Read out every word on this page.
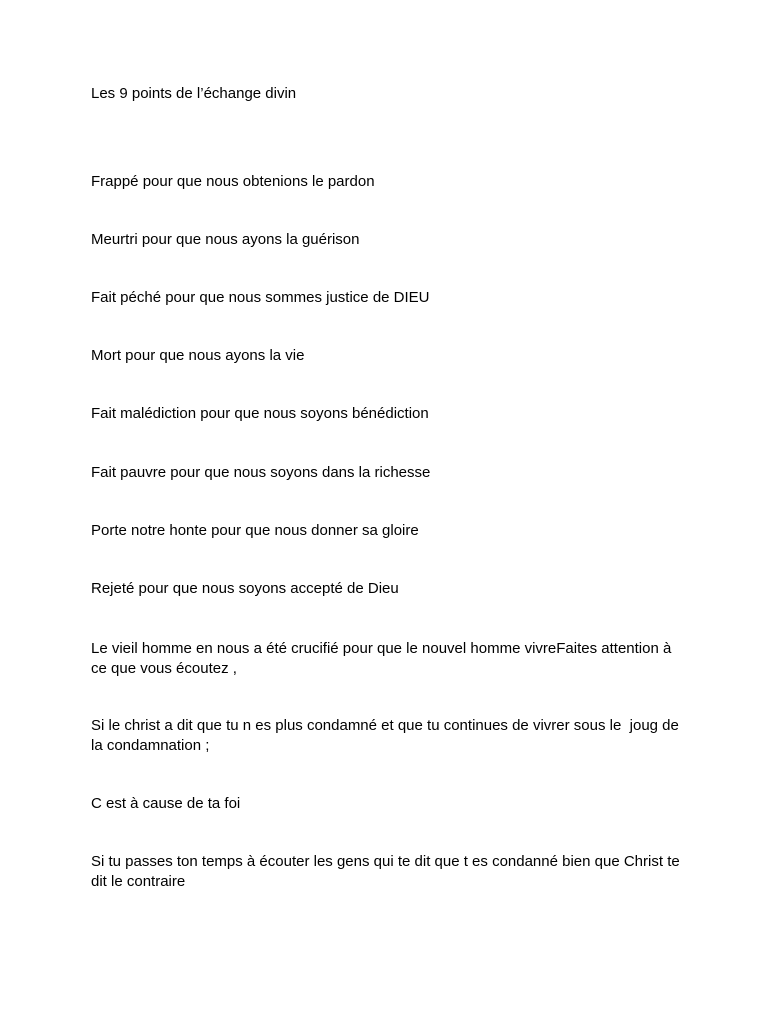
Les 9 points de l’échange divin

Frappé pour que nous obtenions le pardon

Meurtri pour que nous ayons la guérison

Fait péché pour que nous sommes justice de DIEU

Mort pour que nous ayons la vie

Fait malédiction pour que nous soyons bénédiction

Fait pauvre pour que nous soyons dans la richesse

Porte notre honte pour que nous donner sa gloire

Rejeté pour que nous soyons accepté de Dieu

Le vieil homme en nous a été crucifié pour que le nouvel homme vivreFaites attention à ce que vous écoutez ,

Si le christ a dit que tu n es plus condamné et que tu continues de vivrer sous le  joug de la condamnation ;

C est à cause de ta foi

Si tu passes ton temps à écouter les gens qui te dit que t es condanné bien que Christ te dit le contraire
